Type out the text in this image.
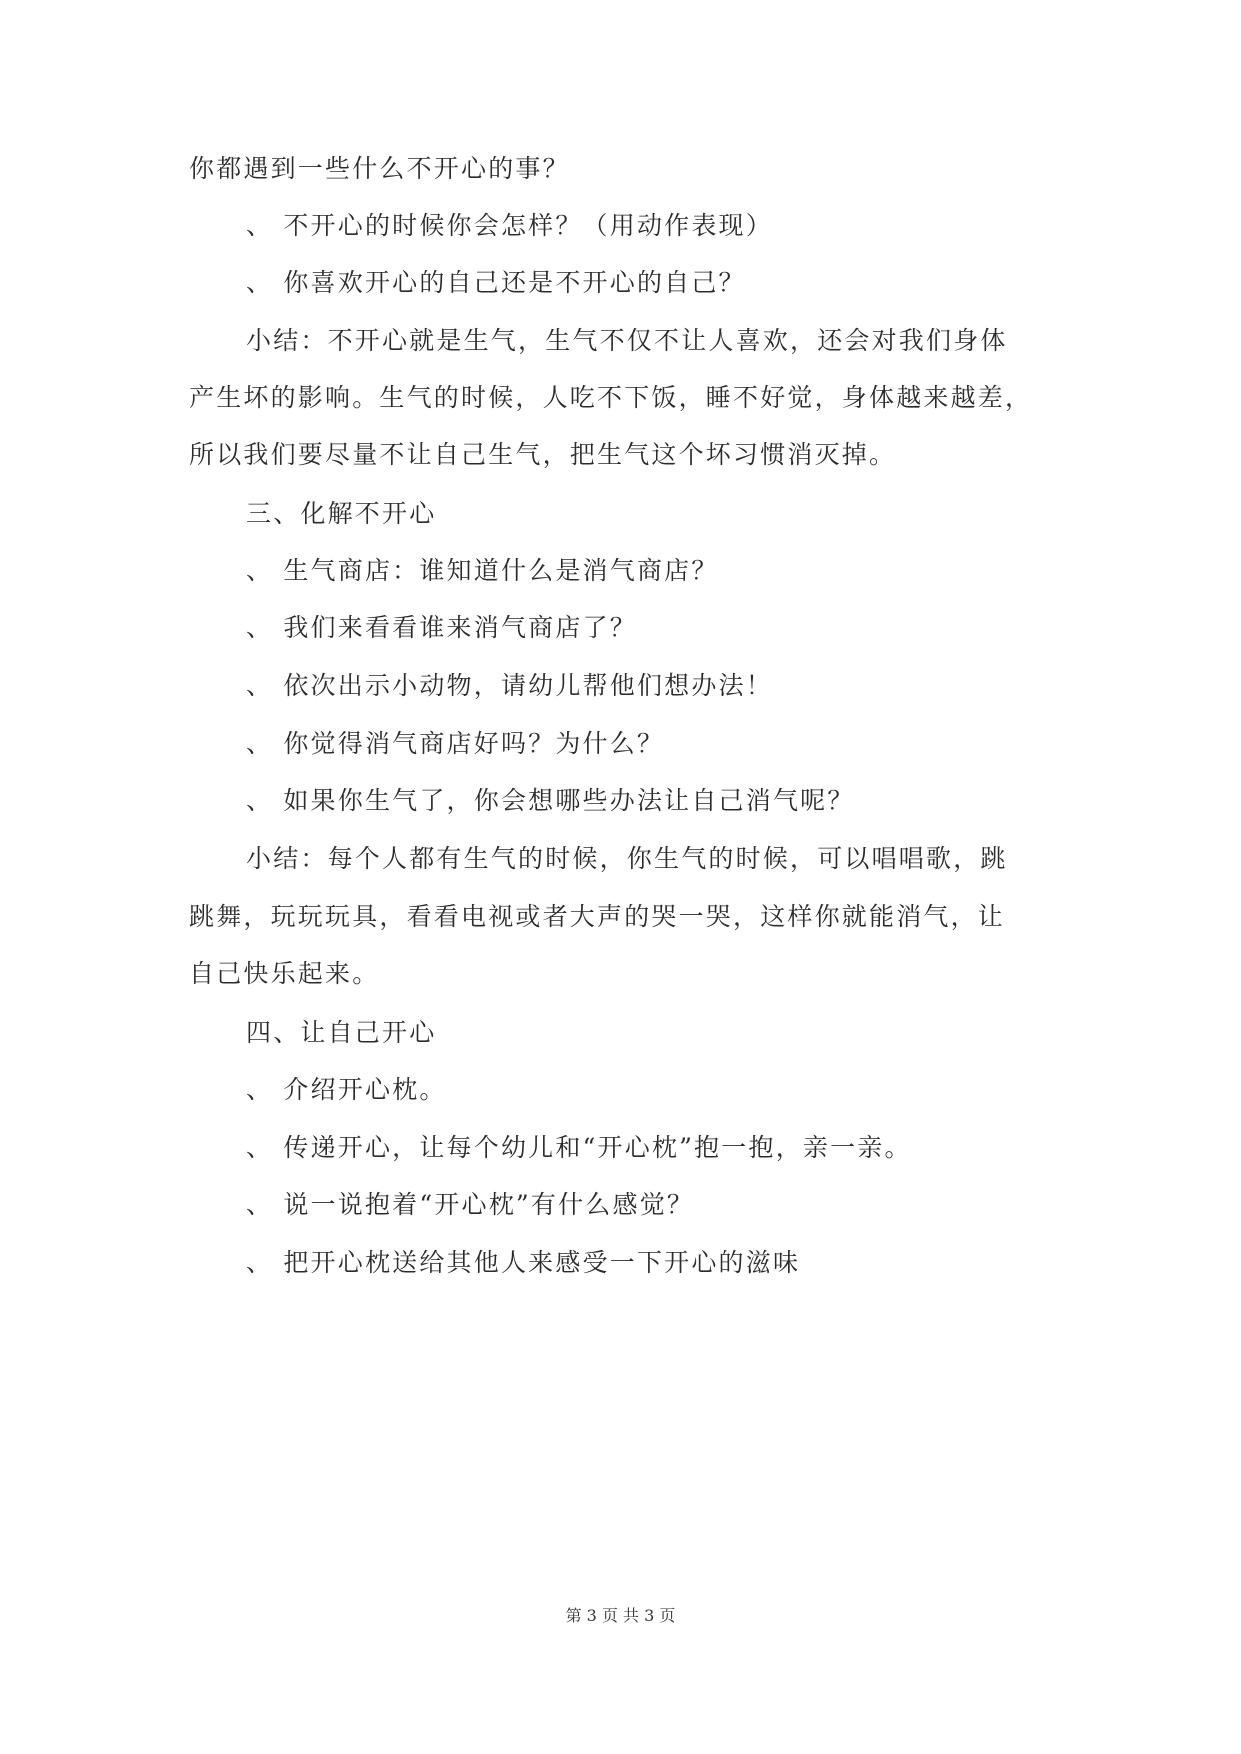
你都遇到一些什么不开心的事？
、 不开心的时候你会怎样？（用动作表现）
、 你喜欢开心的自己还是不开心的自己？
小结：不开心就是生气，生气不仅不让人喜欢，还会对我们身体
产生坏的影响。生气的时候，人吃不下饭，睡不好觉，身体越来越差，
所以我们要尽量不让自己生气，把生气这个坏习惯消灭掉。
三、化解不开心
、 生气商店：谁知道什么是消气商店？
、 我们来看看谁来消气商店了？
、 依次出示小动物，请幼儿帮他们想办法！
、 你觉得消气商店好吗？为什么？
、 如果你生气了，你会想哪些办法让自己消气呢？
小结：每个人都有生气的时候，你生气的时候，可以唱唱歌，跳
跳舞，玩玩玩具，看看电视或者大声的哭一哭，这样你就能消气，让
自己快乐起来。
四、让自己开心
、 介绍开心枕。
、 传递开心，让每个幼儿和“开心枕”抱一抱，亲一亲。
、 说一说抱着“开心枕”有什么感觉？
、 把开心枕送给其他人来感受一下开心的滋味
第 3 页 共 3 页
